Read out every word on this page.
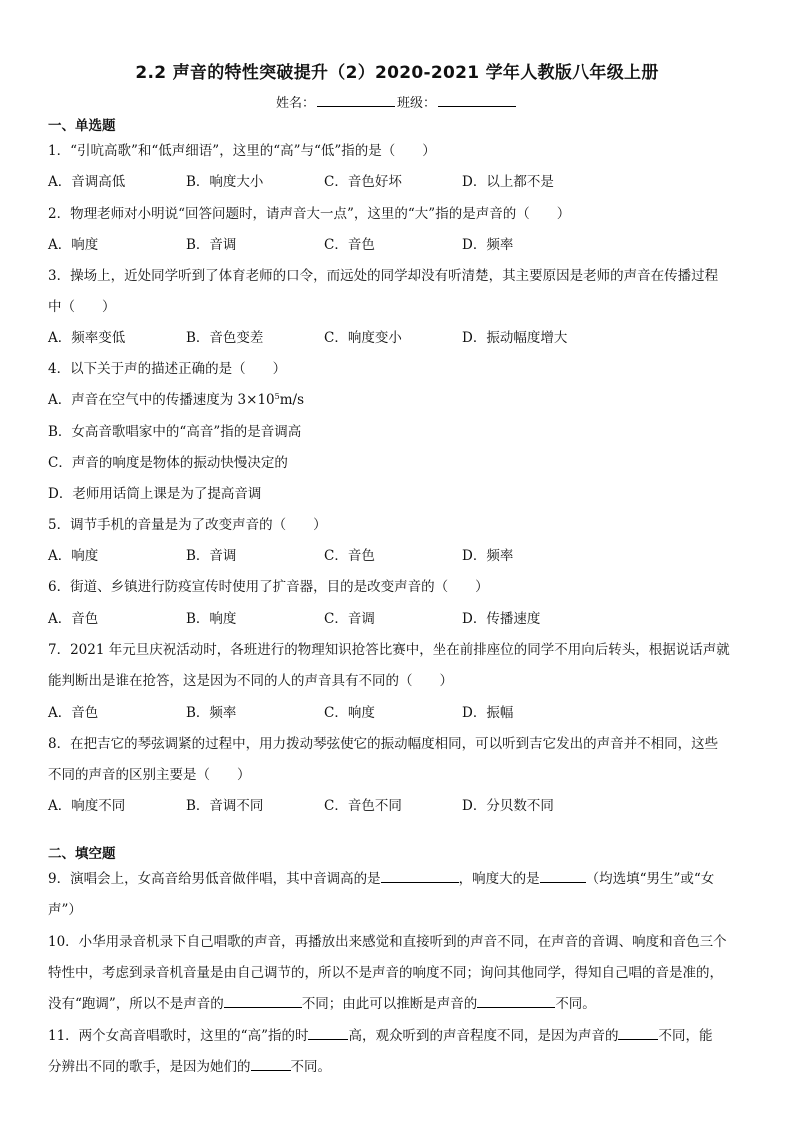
2.2 声音的特性突破提升（2）2020-2021 学年人教版八年级上册
姓名：	班级：
一、单选题
1．“引吭高歌”和“低声细语”，这里的“高”与“低”指的是（　　）
A．音调高低	B．响度大小	C．音色好坏	D．以上都不是
2．物理老师对小明说“回答问题时，请声音大一点”，这里的“大”指的是声音的（　　）
A．响度	B．音调	C．音色	D．频率
3．操场上，近处同学听到了体育老师的口令，而远处的同学却没有听清楚，其主要原因是老师的声音在传播过程
中（　　）
A．频率变低	B．音色变差	C．响度变小	D．振动幅度增大
4．以下关于声的描述正确的是（　　）
A．声音在空气中的传播速度为 $3\times 10^5m/s$
B．女高音歌唱家中的“高音”指的是音调高
C．声音的响度是物体的振动快慢决定的
D．老师用话筒上课是为了提高音调
5．调节手机的音量是为了改变声音的（　　）
A．响度	B．音调	C．音色	D．频率
6．街道、乡镇进行防疫宣传时使用了扩音器，目的是改变声音的（　　）
A．音色	B．响度	C．音调	D．传播速度
7．2021 年元旦庆祝活动时，各班进行的物理知识抢答比赛中，坐在前排座位的同学不用向后转头，根据说话声就
能判断出是谁在抢答，这是因为不同的人的声音具有不同的（　　）
A．音色	B．频率	C．响度	D．振幅
8．在把吉它的琴弦调紧的过程中，用力拨动琴弦使它的振动幅度相同，可以听到吉它发出的声音并不相同，这些
不同的声音的区别主要是（　　）
A．响度不同	B．音调不同	C．音色不同	D．分贝数不同
二、填空题
9．演唱会上，女高音给男低音做伴唱，其中音调高的是	，响度大的是	（均选填“男生”或“女
声”）
10．小华用录音机录下自己唱歌的声音，再播放出来感觉和直接听到的声音不同，在声音的音调、响度和音色三个
特性中，考虑到录音机音量是由自己调节的，所以不是声音的响度不同；询问其他同学，得知自己唱的音是准的，
没有“跑调”，所以不是声音的	不同；由此可以推断是声音的	不同。
11．两个女高音唱歌时，这里的“高”指的时	高，观众听到的声音程度不同，是因为声音的	不同，能
分辨出不同的歌手，是因为她们的	不同。
